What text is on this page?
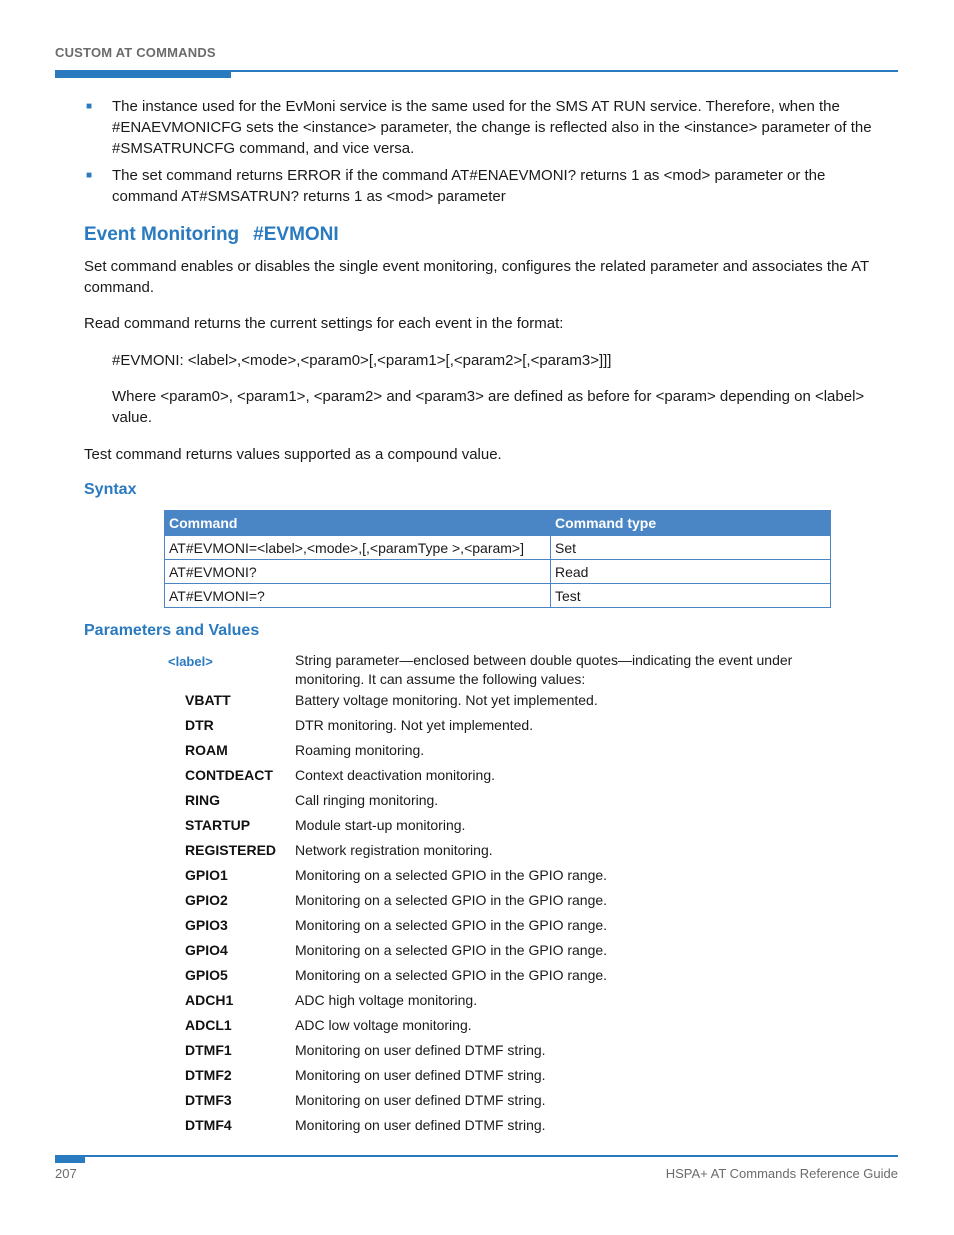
CUSTOM AT COMMANDS
■ The instance used for the EvMoni service is the same used for the SMS AT RUN service. Therefore, when the #ENAEVMONICFG sets the <instance> parameter, the change is reflected also in the <instance> parameter of the #SMSATRUNCFG command, and vice versa.
■ The set command returns ERROR if the command AT#ENAEVMONI? returns 1 as <mod> parameter or the command AT#SMSATRUN? returns 1 as <mod> parameter
Event Monitoring #EVMONI
Set command enables or disables the single event monitoring, configures the related parameter and associates the AT command.
Read command returns the current settings for each event in the format:
#EVMONI: <label>,<mode>,<param0>[,<param1>[,<param2>[,<param3>]]]
Where <param0>, <param1>, <param2> and <param3> are defined as before for <param> depending on <label> value.
Test command returns values supported as a compound value.
Syntax
Command	Command type
AT#EVMONI=<label>,<mode>,[,<paramType >,<param>]	Set
AT#EVMONI?	Read
AT#EVMONI=?	Test
Parameters and Values
<label>	String parameter—enclosed between double quotes—indicating the event under monitoring. It can assume the following values:
VBATT	Battery voltage monitoring. Not yet implemented.
DTR	DTR monitoring. Not yet implemented.
ROAM	Roaming monitoring.
CONTDEACT Context deactivation monitoring.
RING	Call ringing monitoring.
STARTUP	Module start-up monitoring.
REGISTERED Network registration monitoring.
GPIO1	Monitoring on a selected GPIO in the GPIO range.
GPIO2	Monitoring on a selected GPIO in the GPIO range.
GPIO3	Monitoring on a selected GPIO in the GPIO range.
GPIO4	Monitoring on a selected GPIO in the GPIO range.
GPIO5	Monitoring on a selected GPIO in the GPIO range.
ADCH1	ADC high voltage monitoring.
ADCL1	ADC low voltage monitoring.
DTMF1	Monitoring on user defined DTMF string.
DTMF2	Monitoring on user defined DTMF string.
DTMF3	Monitoring on user defined DTMF string.
DTMF4	Monitoring on user defined DTMF string.
207	HSPA+ AT Commands Reference Guide
